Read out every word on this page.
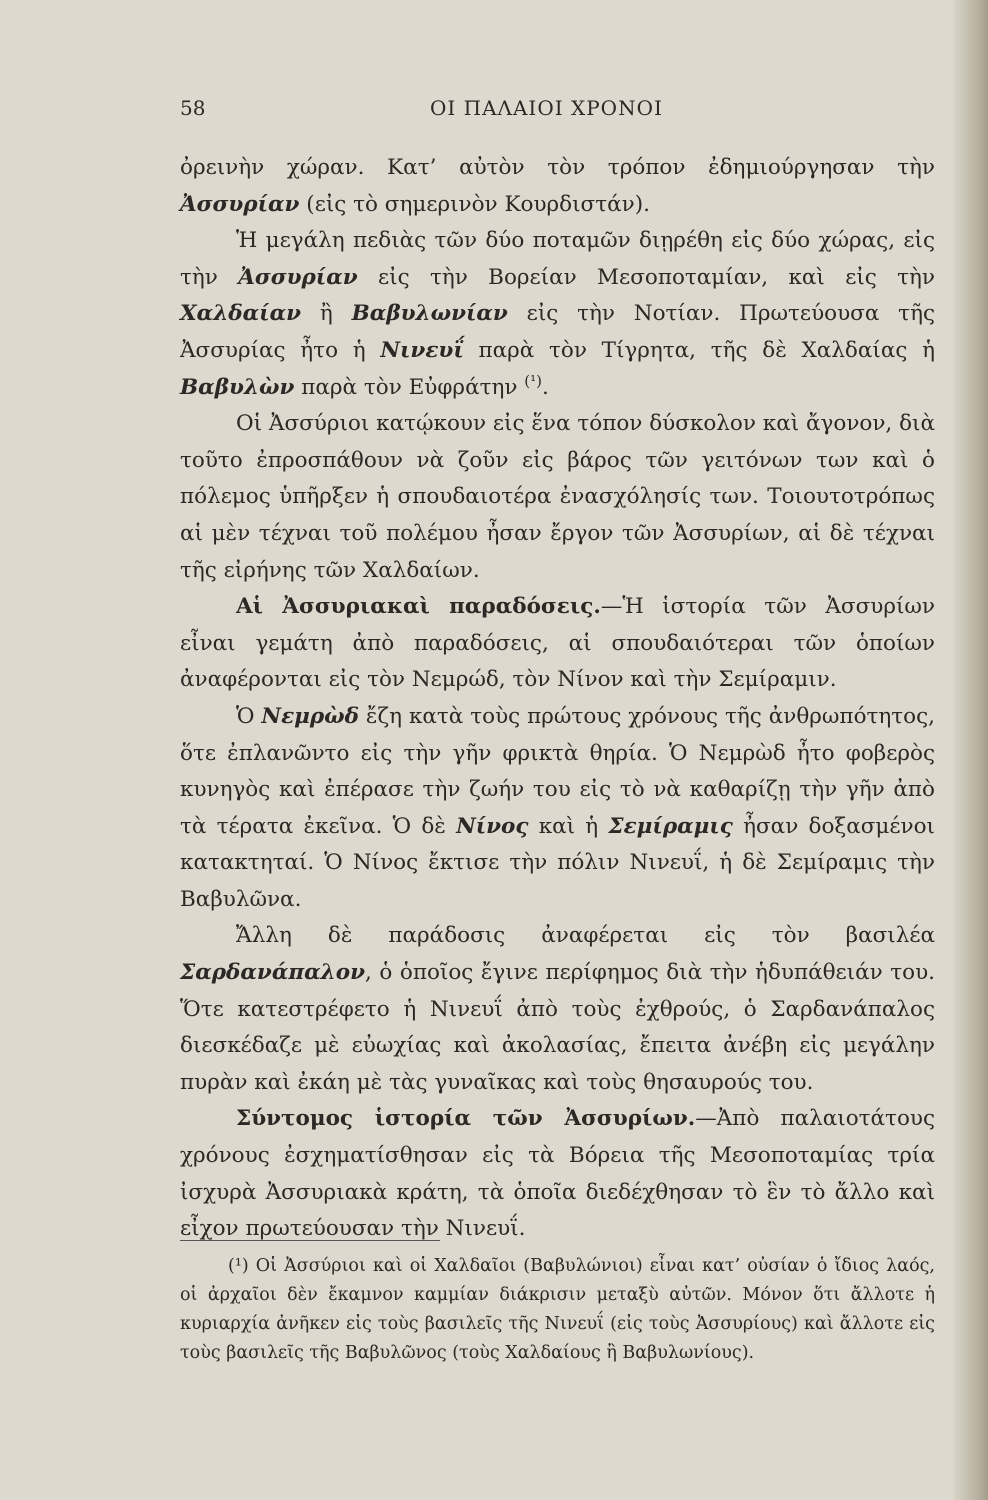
58	ΟΙ ΠΑΛΑΙΟΙ ΧΡΟΝΟΙ

ὀρεινὴν χώραν. Κατ’ αὐτὸν τὸν τρόπον ἐδημιούργησαν τὴν Ἀσσυρίαν (εἰς τὸ σημερινὸν Κουρδιστάν).

Ἡ μεγάλη πεδιὰς τῶν δύο ποταμῶν διῃρέθη εἰς δύο χώρας, εἰς τὴν Ἀσσυρίαν εἰς τὴν Βορείαν Μεσοποταμίαν, καὶ εἰς τὴν Χαλδαίαν ἢ Βαβυλωνίαν εἰς τὴν Νοτίαν. Πρωτεύουσα τῆς Ἀσσυρίας ἦτο ἡ Νινευΐ παρὰ τὸν Τίγρητα, τῆς δὲ Χαλδαίας ἡ Βαβυλὼν παρὰ τὸν Εὐφράτην $^{(^1)}$.

Οἱ Ἀσσύριοι κατῴκουν εἰς ἕνα τόπον δύσκολον καὶ ἄγονον, διὰ τοῦτο ἐπροσπάθουν νὰ ζοῦν εἰς βάρος τῶν γειτόνων των καὶ ὁ πόλεμος ὑπῆρξεν ἡ σπουδαιοτέρα ἐνασχόλησίς των. Τοιουτοτρόπως αἱ μὲν τέχναι τοῦ πολέμου ἦσαν ἔργον τῶν Ἀσσυρίων, αἱ δὲ τέχναι τῆς εἰρήνης τῶν Χαλδαίων.

Αἱ Ἀσσυριακαὶ παραδόσεις.—Ἡ ἱστορία τῶν Ἀσσυρίων εἶναι γεμάτη ἀπὸ παραδόσεις, αἱ σπουδαιότεραι τῶν ὁποίων ἀναφέρονται εἰς τὸν Νεμρώδ, τὸν Νίνον καὶ τὴν Σεμίραμιν.

Ὁ Νεμρὼδ ἔζη κατὰ τοὺς πρώτους χρόνους τῆς ἀνθρωπότητος, ὅτε ἐπλανῶντο εἰς τὴν γῆν φρικτὰ θηρία. Ὁ Νεμρὼδ ἦτο φοβερὸς κυνηγὸς καὶ ἐπέρασε τὴν ζωήν του εἰς τὸ νὰ καθαρίζῃ τὴν γῆν ἀπὸ τὰ τέρατα ἐκεῖνα. Ὁ δὲ Νίνος καὶ ἡ Σεμίραμις ἦσαν δοξασμένοι κατακτηταί. Ὁ Νίνος ἔκτισε τὴν πόλιν Νινευΐ, ἡ δὲ Σεμίραμις τὴν Βαβυλῶνα.

Ἄλλη δὲ παράδοσις ἀναφέρεται εἰς τὸν βασιλέα Σαρδανάπαλον, ὁ ὁποῖος ἔγινε περίφημος διὰ τὴν ἡδυπάθειάν του. Ὅτε κατεστρέφετο ἡ Νινευΐ ἀπὸ τοὺς ἐχθρούς, ὁ Σαρδανάπαλος διεσκέδαζε μὲ εὐωχίας καὶ ἀκολασίας, ἔπειτα ἀνέβη εἰς μεγάλην πυρὰν καὶ ἐκάη μὲ τὰς γυναῖκας καὶ τοὺς θησαυρούς του.

Σύντομος ἱστορία τῶν Ἀσσυρίων.—Ἀπὸ παλαιοτάτους χρόνους ἐσχηματίσθησαν εἰς τὰ Βόρεια τῆς Μεσοποταμίας τρία ἰσχυρὰ Ἀσσυριακὰ κράτη, τὰ ὁποῖα διεδέχθησαν τὸ ἓν τὸ ἄλλο καὶ εἶχον πρωτεύουσαν τὴν Νινευΐ.

(¹) Οἱ Ἀσσύριοι καὶ οἱ Χαλδαῖοι (Βαβυλώνιοι) εἶναι κατ’ οὐσίαν ὁ ἴδιος λαός, οἱ ἀρχαῖοι δὲν ἔκαμνον καμμίαν διάκρισιν μεταξὺ αὐτῶν. Μόνον ὅτι ἄλλοτε ἡ κυριαρχία ἀνῆκεν εἰς τοὺς βασιλεῖς τῆς Νινευΐ (εἰς τοὺς Ἀσσυρίους) καὶ ἄλλοτε εἰς τοὺς βασιλεῖς τῆς Βαβυλῶνος (τοὺς Χαλδαίους ἢ Βαβυλωνίους).
